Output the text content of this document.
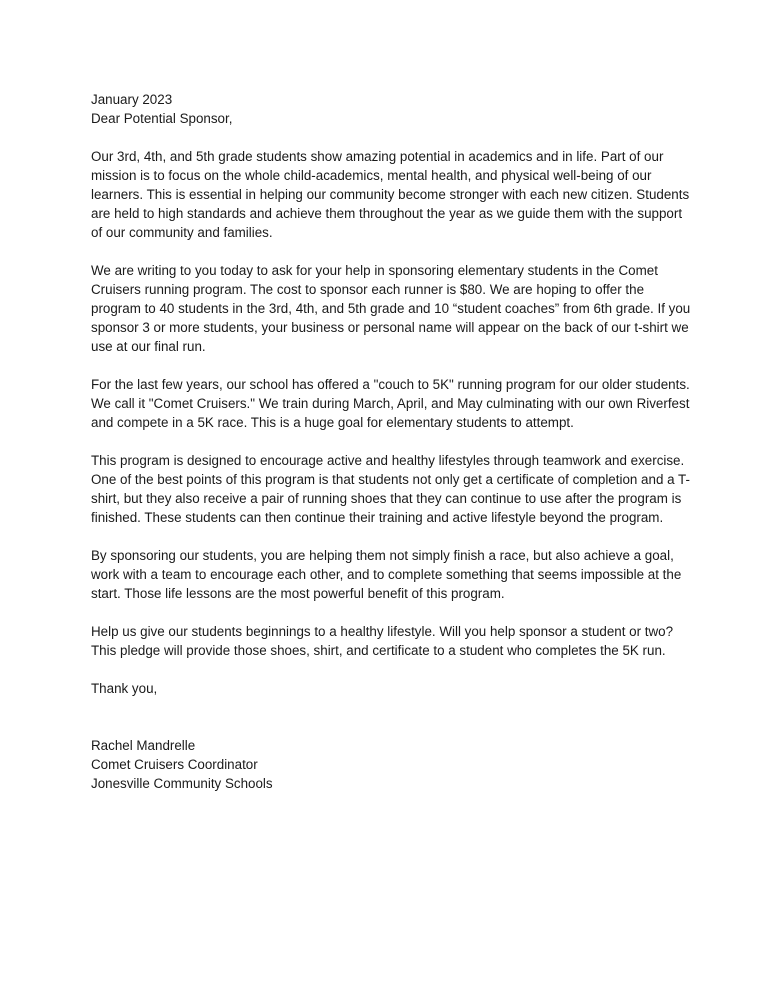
January 2023

Dear Potential Sponsor,

Our 3rd, 4th, and 5th grade students show amazing potential in academics and in life. Part of our mission is to focus on the whole child-academics, mental health, and physical well-being of our learners. This is essential in helping our community become stronger with each new citizen. Students are held to high standards and achieve them throughout the year as we guide them with the support of our community and families.

We are writing to you today to ask for your help in sponsoring elementary students in the Comet Cruisers running program. The cost to sponsor each runner is $80. We are hoping to offer the program to 40 students in the 3rd, 4th, and 5th grade and 10 “student coaches” from 6th grade. If you sponsor 3 or more students, your business or personal name will appear on the back of our t-shirt we use at our final run.

For the last few years, our school has offered a "couch to 5K" running program for our older students. We call it "Comet Cruisers." We train during March, April, and May culminating with our own Riverfest and compete in a 5K race. This is a huge goal for elementary students to attempt.

This program is designed to encourage active and healthy lifestyles through teamwork and exercise. One of the best points of this program is that students not only get a certificate of completion and a T-shirt, but they also receive a pair of running shoes that they can continue to use after the program is finished. These students can then continue their training and active lifestyle beyond the program.

By sponsoring our students, you are helping them not simply finish a race, but also achieve a goal, work with a team to encourage each other, and to complete something that seems impossible at the start. Those life lessons are the most powerful benefit of this program.

Help us give our students beginnings to a healthy lifestyle. Will you help sponsor a student or two? This pledge will provide those shoes, shirt, and certificate to a student who completes the 5K run.

Thank you,

Rachel Mandrelle

Comet Cruisers Coordinator

Jonesville Community Schools
